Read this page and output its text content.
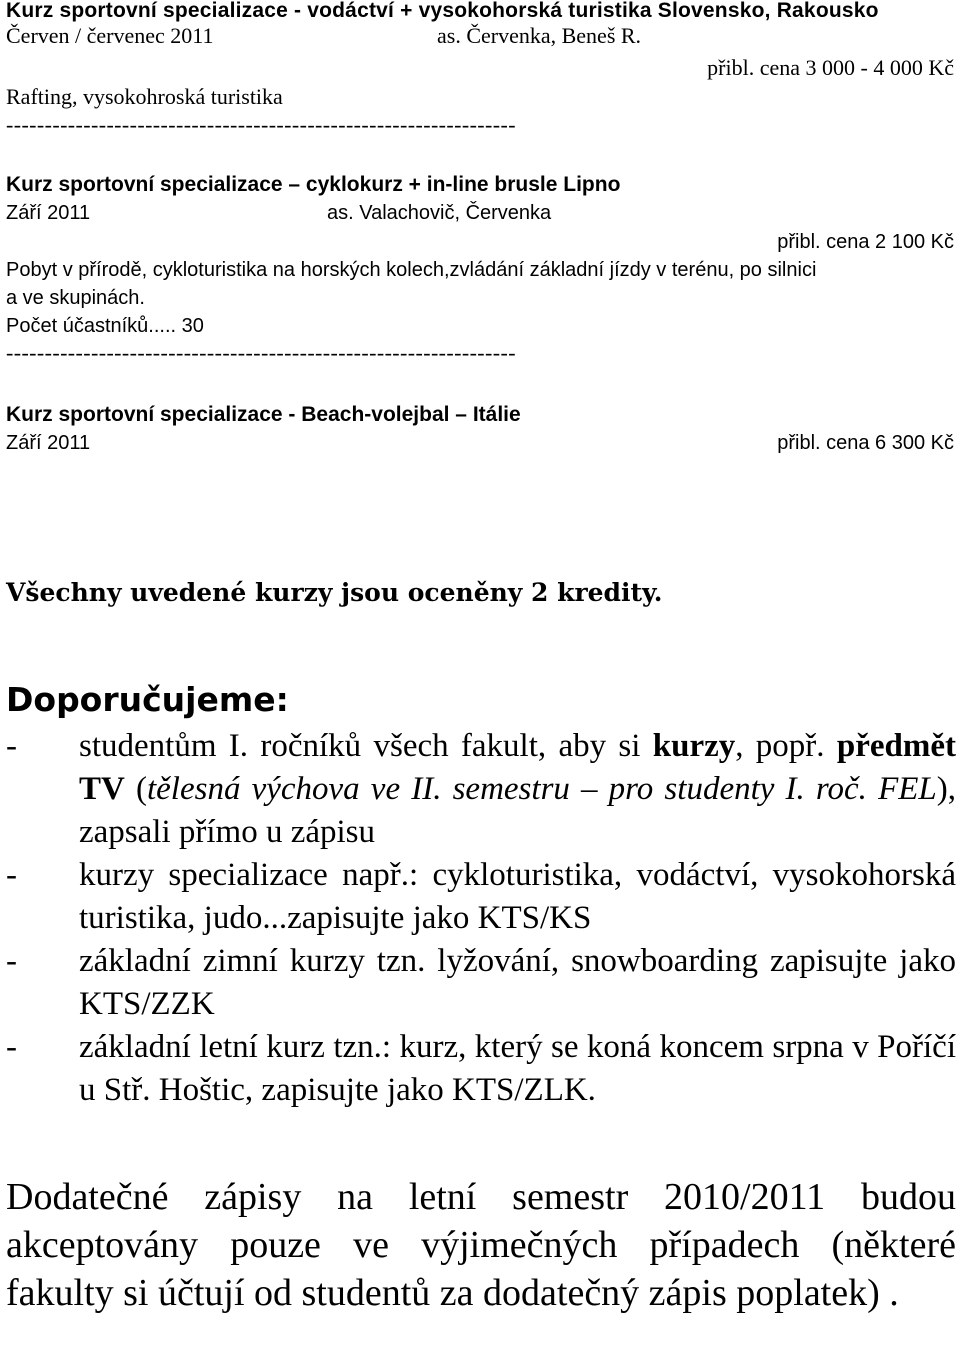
Kurz sportovní specializace - vodáctví + vysokohorská turistika Slovensko, Rakousko
Červen / červenec 2011	as. Červenka, Beneš R.
přibl. cena 3 000 - 4 000 Kč
Rafting, vysokohroská turistika
------------------------------------------------------------------
Kurz sportovní specializace – cyklokurz + in-line brusle Lipno
Září 2011	as. Valachovič, Červenka
přibl. cena 2 100 Kč
Pobyt v přírodě, cykloturistika na horských kolech,zvládání základní jízdy v terénu, po silnici
a ve skupinách.
Počet účastníků..... 30
------------------------------------------------------------------
Kurz sportovní specializace - Beach-volejbal – Itálie
Září 2011	přibl. cena 6 300 Kč
Všechny uvedené kurzy jsou oceněny 2 kredity.
Doporučujeme:
- studentům I. ročníků všech fakult, aby si kurzy, popř. předmět TV (tělesná výchova ve II. semestru – pro studenty I. roč. FEL), zapsali přímo u zápisu
- kurzy specializace např.: cykloturistika, vodáctví, vysokohorská turistika, judo...zapisujte jako KTS/KS
- základní zimní kurzy tzn. lyžování, snowboarding zapisujte jako KTS/ZZK
- základní letní kurz tzn.: kurz, který se koná koncem srpna v Poříčí u Stř. Hoštic, zapisujte jako KTS/ZLK.
Dodatečné zápisy na letní semestr 2010/2011 budou akceptovány pouze ve výjimečných případech (některé fakulty si účtují od studentů za dodatečný zápis poplatek) .
